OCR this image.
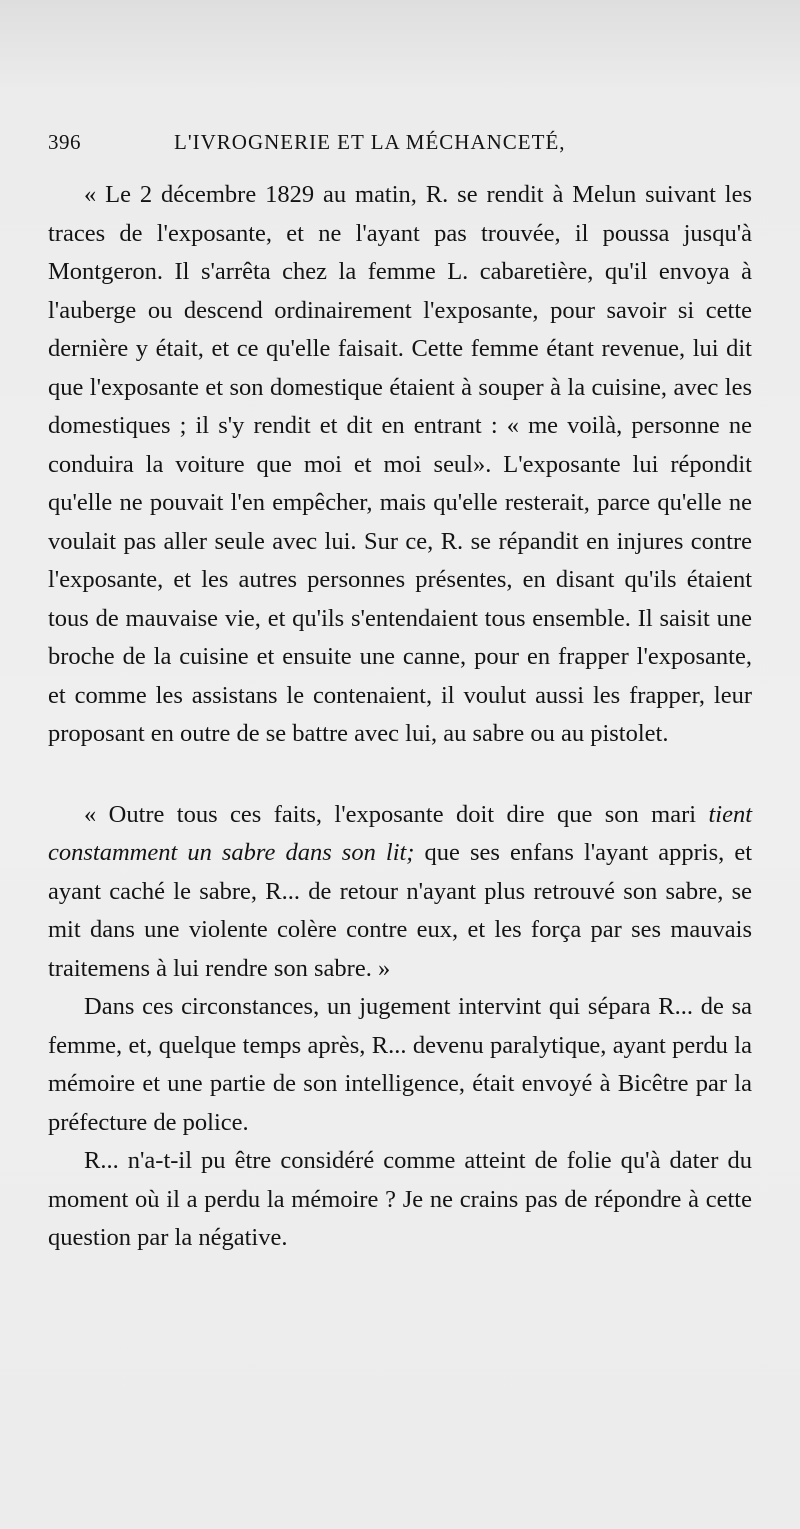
396	L'IVROGNERIE ET LA MÉCHANCETÉ,

« Le 2 décembre 1829 au matin, R. se rendit à Melun suivant les traces de l'exposante, et ne l'ayant pas trouvée, il poussa jusqu'à Montgeron. Il s'arrêta chez la femme L. cabaretière, qu'il envoya à l'auberge ou descend ordinairement l'exposante, pour savoir si cette dernière y était, et ce qu'elle faisait. Cette femme étant revenue, lui dit que l'exposante et son domestique étaient à souper à la cuisine, avec les domestiques ; il s'y rendit et dit en entrant : « me voilà, personne ne conduira la voiture que moi et moi seul». L'exposante lui répondit qu'elle ne pouvait l'en empêcher, mais qu'elle resterait, parce qu'elle ne voulait pas aller seule avec lui. Sur ce, R. se répandit en injures contre l'exposante, et les autres personnes présentes, en disant qu'ils étaient tous de mauvaise vie, et qu'ils s'entendaient tous ensemble. Il saisit une broche de la cuisine et ensuite une canne, pour en frapper l'exposante, et comme les assistans le contenaient, il voulut aussi les frapper, leur proposant en outre de se battre avec lui, au sabre ou au pistolet.

« Outre tous ces faits, l'exposante doit dire que son mari tient constamment un sabre dans son lit; que ses enfans l'ayant appris, et ayant caché le sabre, R... de retour n'ayant plus retrouvé son sabre, se mit dans une violente colère contre eux, et les força par ses mauvais traitemens à lui rendre son sabre. »

Dans ces circonstances, un jugement intervint qui sépara R... de sa femme, et, quelque temps après, R... devenu paralytique, ayant perdu la mémoire et une partie de son intelligence, était envoyé à Bicêtre par la préfecture de police.

R... n'a-t-il pu être considéré comme atteint de folie qu'à dater du moment où il a perdu la mémoire ? Je ne crains pas de répondre à cette question par la négative.
